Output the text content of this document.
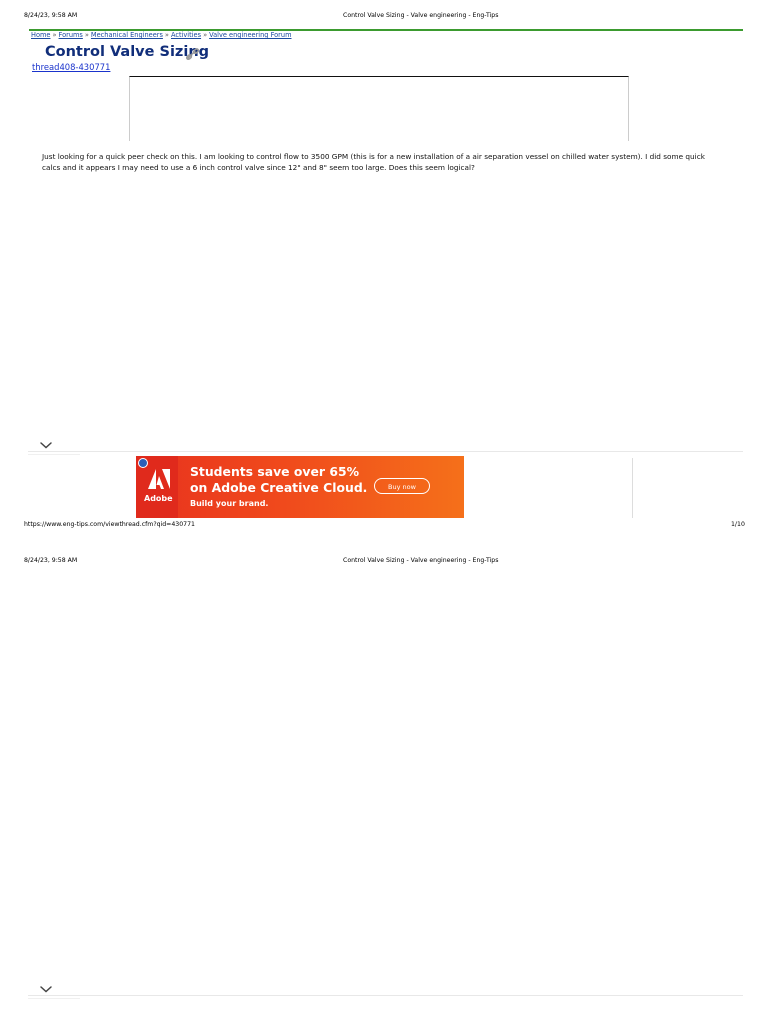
8/24/23, 9:58 AM	Control Valve Sizing - Valve engineering - Eng-Tips
Home » Forums » Mechanical Engineers » Activities » Valve engineering Forum
Control Valve Sizing
thread408-430771
Just looking for a quick peer check on this. I am looking to control flow to 3500 GPM (this is for a new installation of a air separation vessel on chilled water system). I did some quick calcs and it appears I may need to use a 6 inch control valve since 12" and 8" seem too large. Does this seem logical?
Adobe
Students save over 65%
on Adobe Creative Cloud.
Build your brand.
Buy now
https://www.eng-tips.com/viewthread.cfm?qid=430771	1/10
8/24/23, 9:58 AM	Control Valve Sizing - Valve engineering - Eng-Tips
